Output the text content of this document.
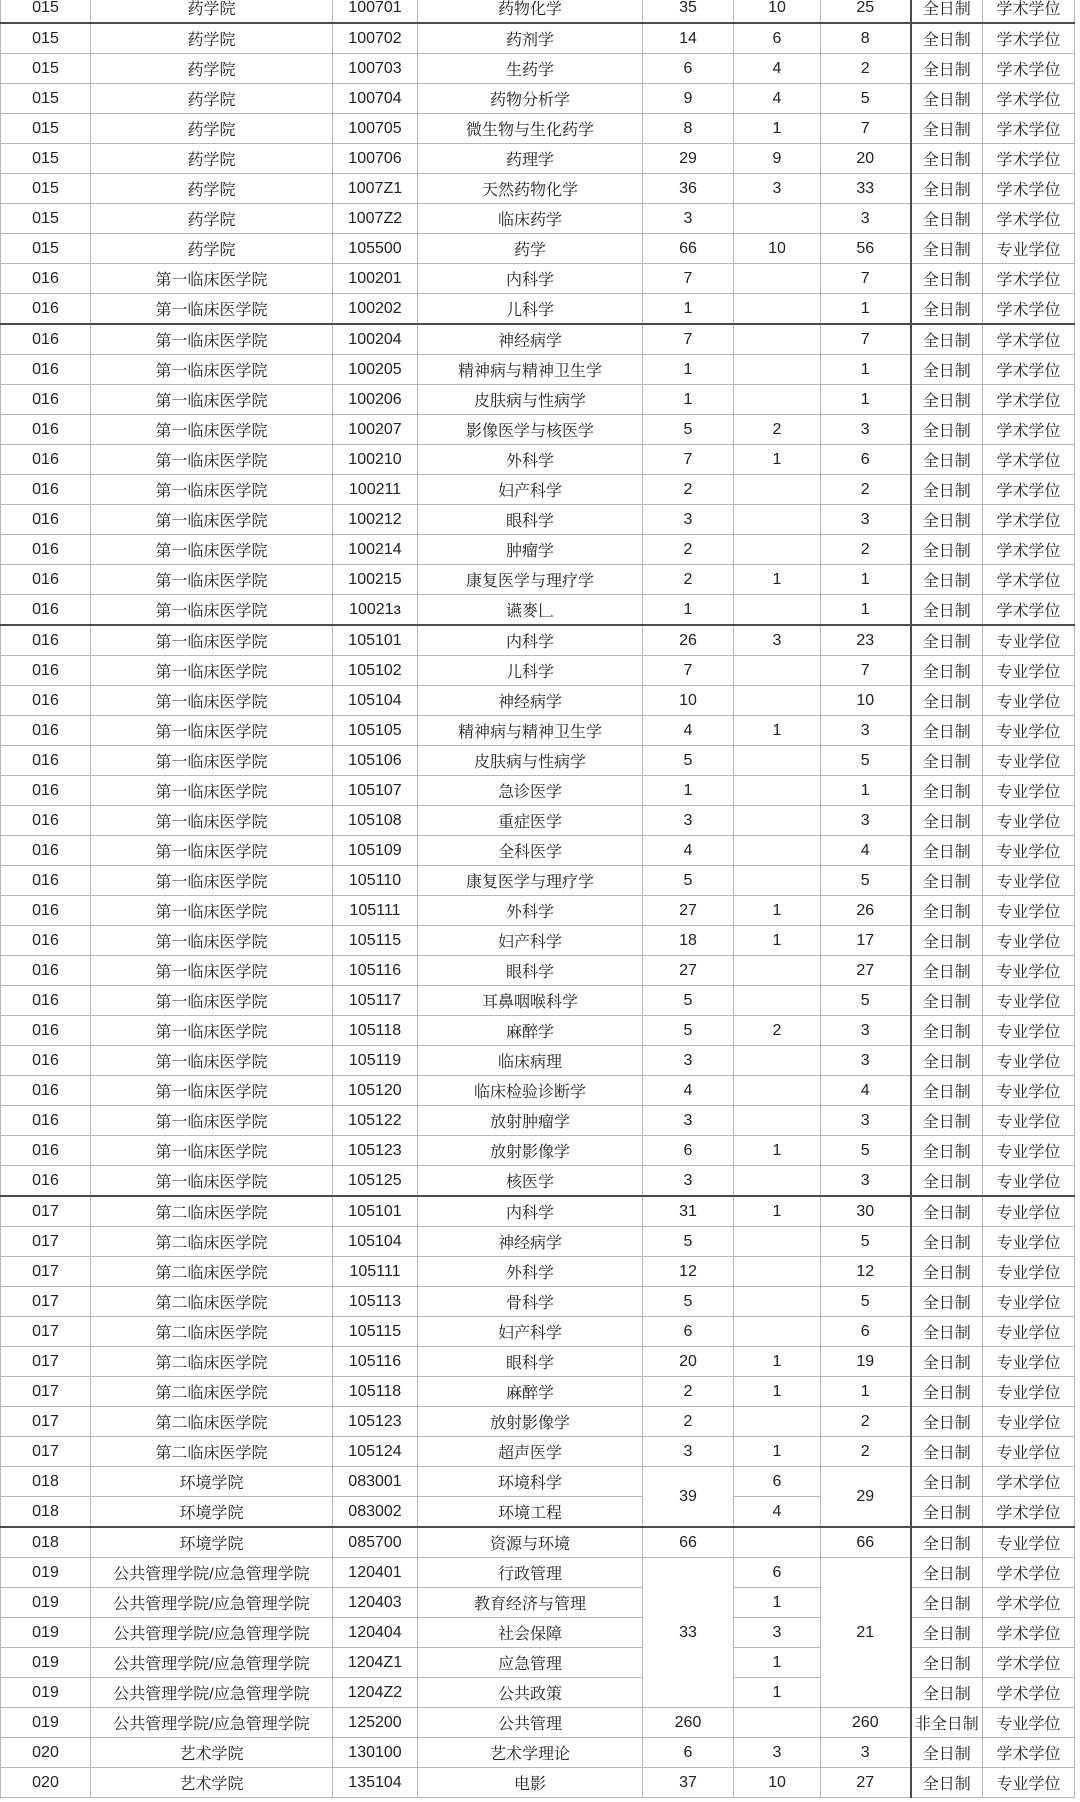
015	药学院	100701	药物化学	35	10	25	全日制	学术学位
015	药学院	100702	药剂学	14	6	8	全日制	学术学位
015	药学院	100703	生药学	6	4	2	全日制	学术学位
015	药学院	100704	药物分析学	9	4	5	全日制	学术学位
015	药学院	100705	微生物与生化药学	8	1	7	全日制	学术学位
015	药学院	100706	药理学	29	9	20	全日制	学术学位
015	药学院	1007Z1	天然药物化学	36	3	33	全日制	学术学位
015	药学院	1007Z2	临床药学	3		3	全日制	学术学位
015	药学院	105500	药学	66	10	56	全日制	专业学位
016	第一临床医学院	100201	内科学	7		7	全日制	学术学位
016	第一临床医学院	100202	儿科学	1		1	全日制	学术学位
016	第一临床医学院	100204	神经病学	7		7	全日制	学术学位
016	第一临床医学院	100205	精神病与精神卫生学	1		1	全日制	学术学位
016	第一临床医学院	100206	皮肤病与性病学	1		1	全日制	学术学位
016	第一临床医学院	100207	影像医学与核医学	5	2	3	全日制	学术学位
016	第一临床医学院	100210	外科学	7	1	6	全日制	学术学位
016	第一临床医学院	100211	妇产科学	2		2	全日制	学术学位
016	第一临床医学院	100212	眼科学	3		3	全日制	学术学位
016	第一临床医学院	100214	肿瘤学	2		2	全日制	学术学位
016	第一临床医学院	100215	康复医学与理疗学	2	1	1	全日制	学术学位
016	第一临床医学院	10021ɜ	䜩麥𠃊	1		1	全日制	学术学位
016	第一临床医学院	105101	内科学	26	3	23	全日制	专业学位
016	第一临床医学院	105102	儿科学	7		7	全日制	专业学位
016	第一临床医学院	105104	神经病学	10		10	全日制	专业学位
016	第一临床医学院	105105	精神病与精神卫生学	4	1	3	全日制	专业学位
016	第一临床医学院	105106	皮肤病与性病学	5		5	全日制	专业学位
016	第一临床医学院	105107	急诊医学	1		1	全日制	专业学位
016	第一临床医学院	105108	重症医学	3		3	全日制	专业学位
016	第一临床医学院	105109	全科医学	4		4	全日制	专业学位
016	第一临床医学院	105110	康复医学与理疗学	5		5	全日制	专业学位
016	第一临床医学院	105111	外科学	27	1	26	全日制	专业学位
016	第一临床医学院	105115	妇产科学	18	1	17	全日制	专业学位
016	第一临床医学院	105116	眼科学	27		27	全日制	专业学位
016	第一临床医学院	105117	耳鼻咽喉科学	5		5	全日制	专业学位
016	第一临床医学院	105118	麻醉学	5	2	3	全日制	专业学位
016	第一临床医学院	105119	临床病理	3		3	全日制	专业学位
016	第一临床医学院	105120	临床检验诊断学	4		4	全日制	专业学位
016	第一临床医学院	105122	放射肿瘤学	3		3	全日制	专业学位
016	第一临床医学院	105123	放射影像学	6	1	5	全日制	专业学位
016	第一临床医学院	105125	核医学	3		3	全日制	专业学位
017	第二临床医学院	105101	内科学	31	1	30	全日制	专业学位
017	第二临床医学院	105104	神经病学	5		5	全日制	专业学位
017	第二临床医学院	105111	外科学	12		12	全日制	专业学位
017	第二临床医学院	105113	骨科学	5		5	全日制	专业学位
017	第二临床医学院	105115	妇产科学	6		6	全日制	专业学位
017	第二临床医学院	105116	眼科学	20	1	19	全日制	专业学位
017	第二临床医学院	105118	麻醉学	2	1	1	全日制	专业学位
017	第二临床医学院	105123	放射影像学	2		2	全日制	专业学位
017	第二临床医学院	105124	超声医学	3	1	2	全日制	专业学位
018	环境学院	083001	环境科学	39	6	29	全日制	学术学位
018	环境学院	083002	环境工程		4		全日制	学术学位
018	环境学院	085700	资源与环境	66		66	全日制	专业学位
019	公共管理学院/应急管理学院	120401	行政管理	33	6	21	全日制	学术学位
019	公共管理学院/应急管理学院	120403	教育经济与管理		1		全日制	学术学位
019	公共管理学院/应急管理学院	120404	社会保障		3		全日制	学术学位
019	公共管理学院/应急管理学院	1204Z1	应急管理		1		全日制	学术学位
019	公共管理学院/应急管理学院	1204Z2	公共政策		1		全日制	学术学位
019	公共管理学院/应急管理学院	125200	公共管理	260		260	非全日制	专业学位
020	艺术学院	130100	艺术学理论	6	3	3	全日制	学术学位
020	艺术学院	135104	电影	37	10	27	全日制	专业学位
